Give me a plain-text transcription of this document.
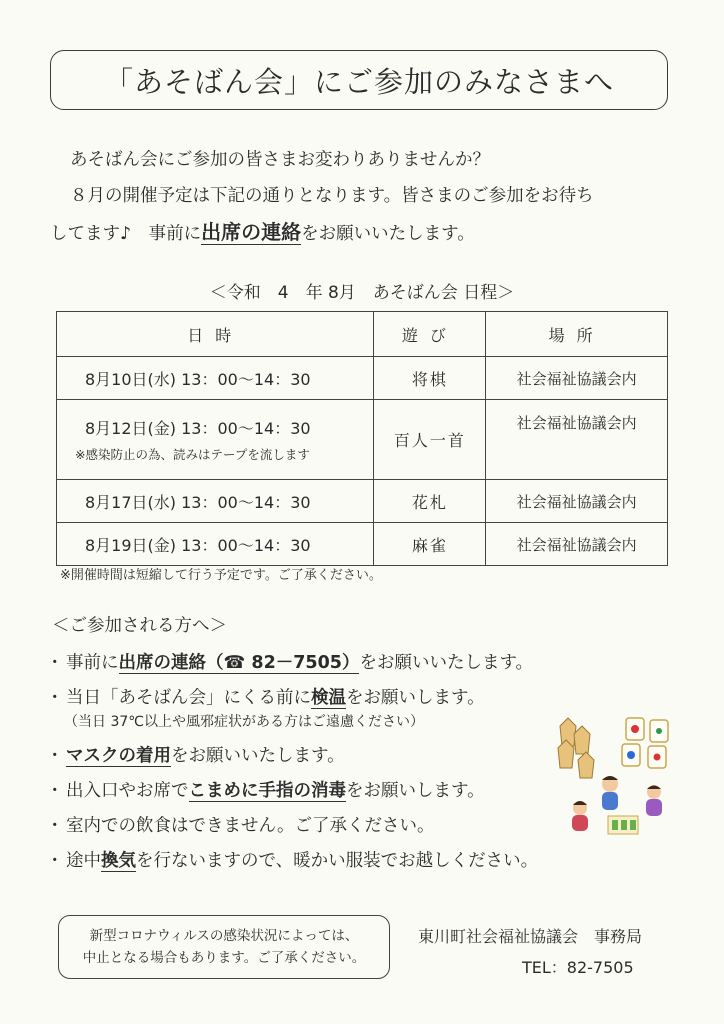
「あそばん会」にご参加のみなさまへ

あそばん会にご参加の皆さまお変わりありませんか？

８月の開催予定は下記の通りとなります。皆さまのご参加をお待ち

してます♪　事前に出席の連絡をお願いいたします。

＜令和　4　年 8月　あそばん会 日程＞
日時	遊び	場所
8月10日(水) 13：00～14：30	将棋	社会福祉協議会内
8月12日(金) 13：00～14：30
※感染防止の為、読みはテープを流します	百人一首	社会福祉協議会内
8月17日(水) 13：00～14：30	花札	社会福祉協議会内
8月19日(金) 13：00～14：30	麻雀	社会福祉協議会内
※開催時間は短縮して行う予定です。ご了承ください。
＜ご参加される方へ＞
・ 事前に出席の連絡（☎ 82－7505）をお願いいたします。
・ 当日「あそばん会」にくる前に検温をお願いします。
（当日 37℃以上や風邪症状がある方はご遠慮ください）
・ マスクの着用をお願いいたします。
・ 出入口やお席でこまめに手指の消毒をお願いします。
・ 室内での飲食はできません。ご了承ください。
・ 途中換気を行ないますので、暖かい服装でお越しください。
新型コロナウィルスの感染状況によっては、
中止となる場合もあります。ご了承ください。
東川町社会福祉協議会　事務局
TEL：82-7505
